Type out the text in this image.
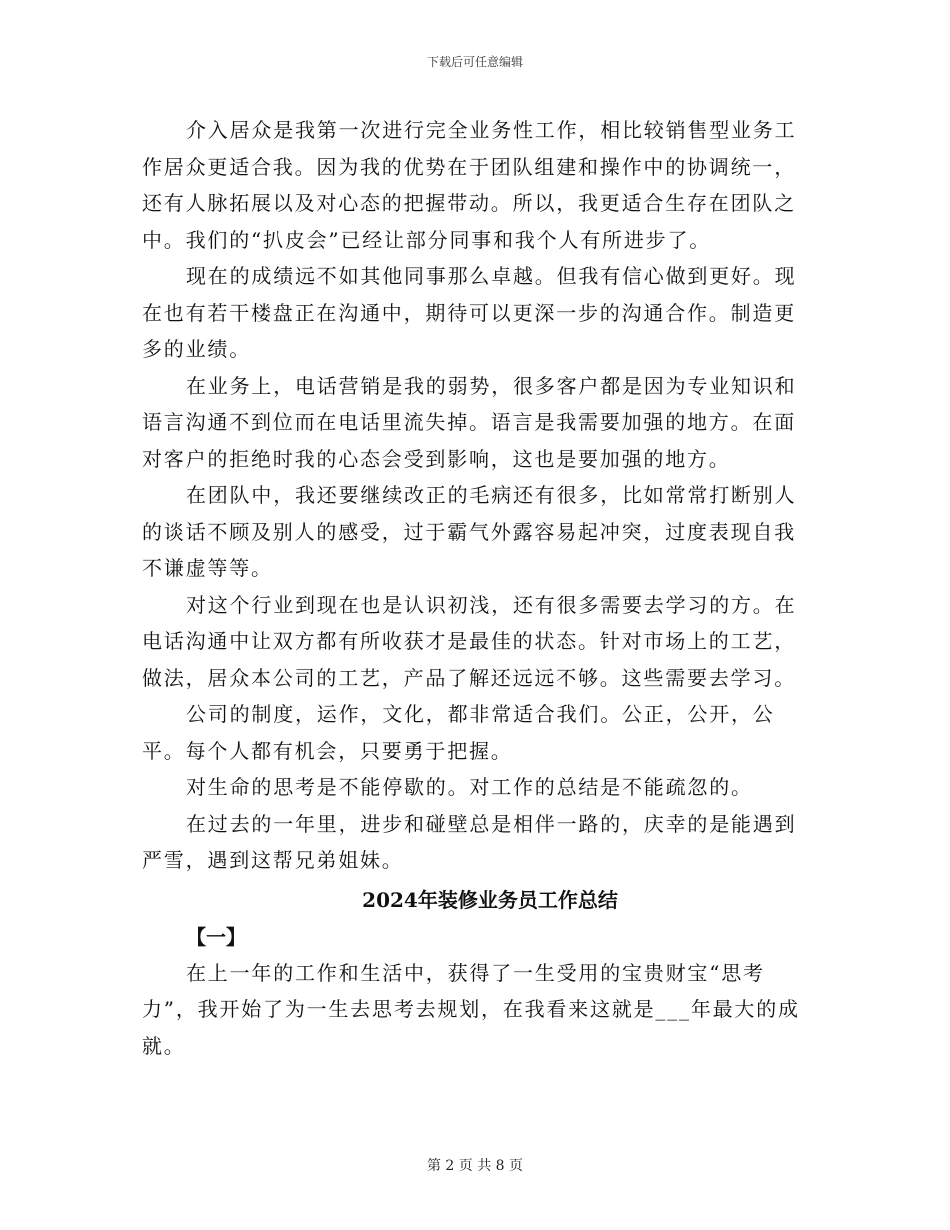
下载后可任意编辑

介入居众是我第一次进行完全业务性工作，相比较销售型业务工作居众更适合我。因为我的优势在于团队组建和操作中的协调统一，还有人脉拓展以及对心态的把握带动。所以，我更适合生存在团队之中。我们的“扒皮会”已经让部分同事和我个人有所进步了。

现在的成绩远不如其他同事那么卓越。但我有信心做到更好。现在也有若干楼盘正在沟通中，期待可以更深一步的沟通合作。制造更多的业绩。

在业务上，电话营销是我的弱势，很多客户都是因为专业知识和语言沟通不到位而在电话里流失掉。语言是我需要加强的地方。在面对客户的拒绝时我的心态会受到影响，这也是要加强的地方。

在团队中，我还要继续改正的毛病还有很多，比如常常打断别人的谈话不顾及别人的感受，过于霸气外露容易起冲突，过度表现自我不谦虚等等。

对这个行业到现在也是认识初浅，还有很多需要去学习的方。在电话沟通中让双方都有所收获才是最佳的状态。针对市场上的工艺，做法，居众本公司的工艺，产品了解还远远不够。这些需要去学习。

公司的制度，运作，文化，都非常适合我们。公正，公开，公平。每个人都有机会，只要勇于把握。

对生命的思考是不能停歇的。对工作的总结是不能疏忽的。

在过去的一年里，进步和碰壁总是相伴一路的，庆幸的是能遇到严雪，遇到这帮兄弟姐妹。

2024年装修业务员工作总结

【一】

在上一年的工作和生活中，获得了一生受用的宝贵财宝“思考力”，我开始了为一生去思考去规划，在我看来这就是___年最大的成就。

第 2 页 共 8 页
